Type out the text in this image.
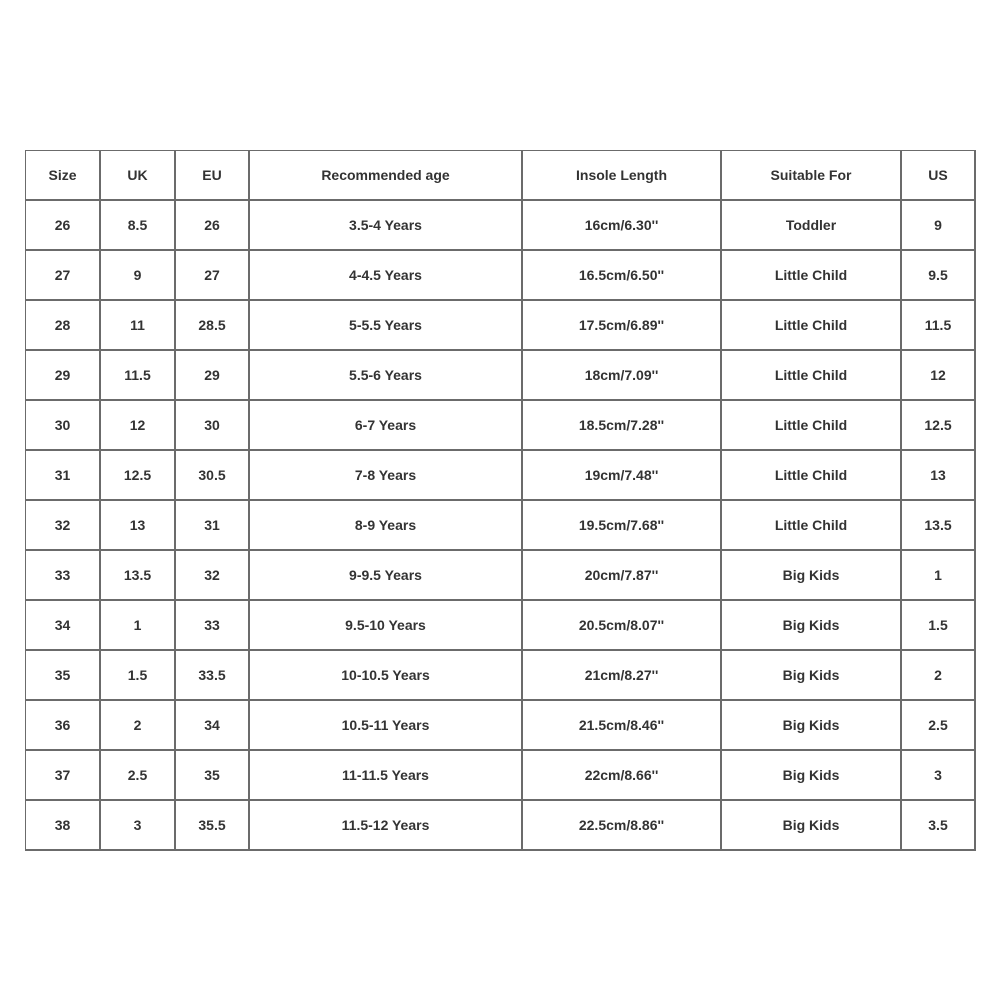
Size	UK	EU	Recommended age	Insole Length	Suitable For	US
26	8.5	26	3.5-4 Years	16cm/6.30''	Toddler	9
27	9	27	4-4.5 Years	16.5cm/6.50''	Little Child	9.5
28	11	28.5	5-5.5 Years	17.5cm/6.89''	Little Child	11.5
29	11.5	29	5.5-6 Years	18cm/7.09''	Little Child	12
30	12	30	6-7 Years	18.5cm/7.28''	Little Child	12.5
31	12.5	30.5	7-8 Years	19cm/7.48''	Little Child	13
32	13	31	8-9 Years	19.5cm/7.68''	Little Child	13.5
33	13.5	32	9-9.5 Years	20cm/7.87''	Big Kids	1
34	1	33	9.5-10 Years	20.5cm/8.07''	Big Kids	1.5
35	1.5	33.5	10-10.5 Years	21cm/8.27''	Big Kids	2
36	2	34	10.5-11 Years	21.5cm/8.46''	Big Kids	2.5
37	2.5	35	11-11.5 Years	22cm/8.66''	Big Kids	3
38	3	35.5	11.5-12 Years	22.5cm/8.86''	Big Kids	3.5
